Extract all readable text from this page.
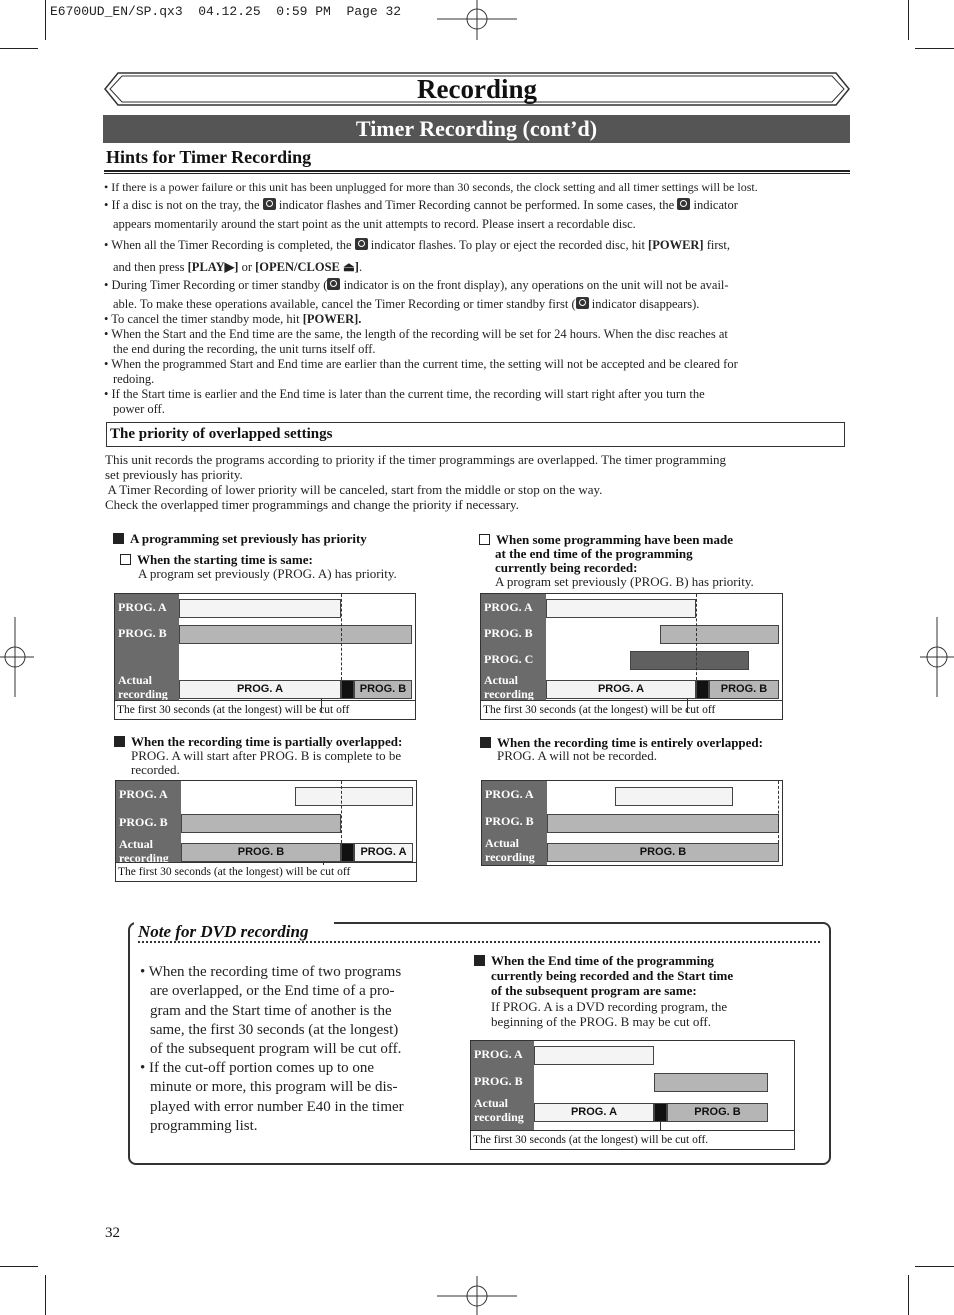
E6700UD_EN/SP.qx3  04.12.25  0:59 PM  Page 32
Recording
Timer Recording (cont’d)
Hints for Timer Recording
• If there is a power failure or this unit has been unplugged for more than 30 seconds, the clock setting and all timer settings will be lost.
• If a disc is not on the tray, the indicator flashes and Timer Recording cannot be performed. In some cases, the indicator
appears momentarily around the start point as the unit attempts to record. Please insert a recordable disc.
• When all the Timer Recording is completed, the indicator flashes. To play or eject the recorded disc, hit [POWER] first,
and then press [PLAY▶] or [OPEN/CLOSE ⏏].
• During Timer Recording or timer standby ( indicator is on the front display), any operations on the unit will not be avail-
able. To make these operations available, cancel the Timer Recording or timer standby first ( indicator disappears).
• To cancel the timer standby mode, hit [POWER].
• When the Start and the End time are the same, the length of the recording will be set for 24 hours. When the disc reaches at
the end during the recording, the unit turns itself off.
• When the programmed Start and End time are earlier than the current time, the setting will not be accepted and be cleared for
redoing.
• If the Start time is earlier and the End time is later than the current time, the recording will start right after you turn the
power off.
The priority of overlapped settings
This unit records the programs according to priority if the timer programmings are overlapped. The timer programming
set previously has priority.
A Timer Recording of lower priority will be canceled, start from the middle or stop on the way.
Check the overlapped timer programmings and change the priority if necessary.
A programming set previously has priority
When the starting time is same:
A program set previously (PROG. A) has priority.
PROG. A
PROG. B
Actual
recording	PROG. A	PROG. B
The first 30 seconds (at the longest) will be cut off
When some programming have been made
at the end time of the programming
currently being recorded:
A program set previously (PROG. B) has priority.
PROG. A
PROG. B
PROG. C
Actual
recording	PROG. A	PROG. B
The first 30 seconds (at the longest) will be cut off
When the recording time is partially overlapped:
PROG. A will start after PROG. B is complete to be
recorded.
PROG. A
PROG. B
Actual
recording	PROG. B	PROG. A
The first 30 seconds (at the longest) will be cut off
When the recording time is entirely overlapped:
PROG. A will not be recorded.
PROG. A
PROG. B
Actual
recording	PROG. B
Note for DVD recording
• When the recording time of two programs
are overlapped, or the End time of a pro-
gram and the Start time of another is the
same, the first 30 seconds (at the longest)
of the subsequent program will be cut off.
• If the cut-off portion comes up to one
minute or more, this program will be dis-
played with error number E40 in the timer
programming list.
When the End time of the programming
currently being recorded and the Start time
of the subsequent program are same:
If PROG. A is a DVD recording program, the
beginning of the PROG. B may be cut off.
PROG. A
PROG. B
Actual
recording	PROG. A	PROG. B
The first 30 seconds (at the longest) will be cut off.
32
